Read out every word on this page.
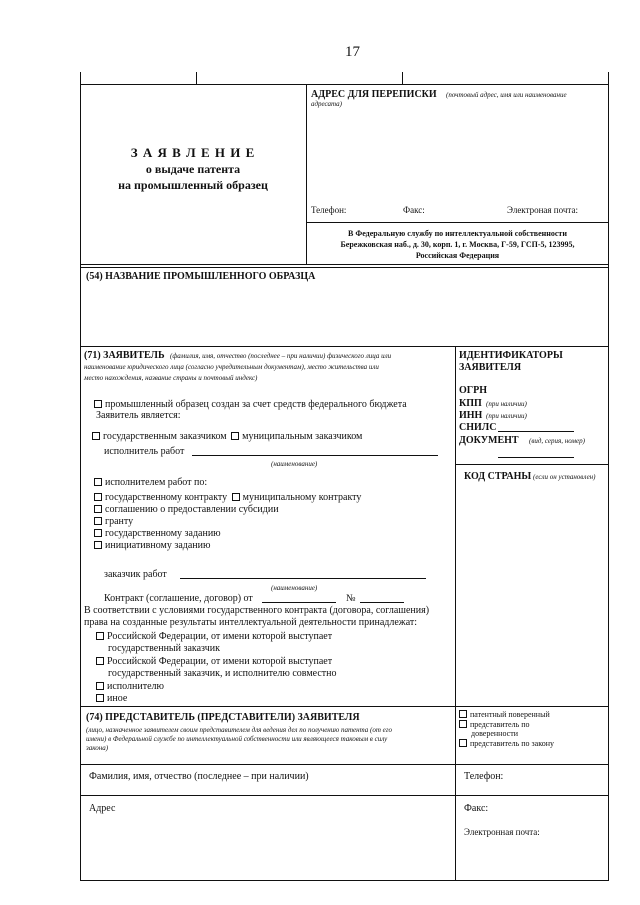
17
З А Я В Л Е Н И Е
о выдаче патента
на промышленный образец
АДРЕС ДЛЯ ПЕРЕПИСКИ (почтовый адрес, имя или наименование
адресата)
Телефон:	Факс:	Электроная почта:
В Федеральную службу по интеллектуальной собственности
Бережковская наб., д. 30, корп. 1, г. Москва, Г-59, ГСП-5, 123995,
Российская Федерация
(54) НАЗВАНИЕ ПРОМЫШЛЕННОГО ОБРАЗЦА
(71) ЗАЯВИТЕЛЬ (фамилия, имя, отчество (последнее – при наличии) физического лица или
наименование юридического лица (согласно учредительным документам), место жительства или
место нахождения, название страны и почтовый индекс)
промышленный образец создан за счет средств федерального бюджета
Заявитель является:
государственным заказчиком муниципальным заказчиком
исполнитель работ
(наименование)
исполнителем работ по:
государственному контракту муниципальному контракту
соглашению о предоставлении субсидии
гранту
государственному заданию
инициативному заданию
заказчик работ
(наименование)
Контракт (соглашение, договор) от	№
В соответствии с условиями государственного контракта (договора, соглашения)
права на созданные результаты интеллектуальной деятельности принадлежат:
Российской Федерации, от имени которой выступает
государственный заказчик
Российской Федерации, от имени которой выступает
государственный заказчик, и исполнителю совместно
исполнителю
иное
ИДЕНТИФИКАТОРЫ
ЗАЯВИТЕЛЯ
ОГРН
КПП (при наличии)
ИНН (при наличии)
СНИЛС
ДОКУМЕНТ (вид, серия, номер)
КОД СТРАНЫ (если он установлен)
(74) ПРЕДСТАВИТЕЛЬ (ПРЕДСТАВИТЕЛИ) ЗАЯВИТЕЛЯ
(лицо, назначенное заявителем своим представителем для ведения дел по получению патента (от его
имени) в Федеральной службе по интеллектуальной собственности или являющееся таковым в силу
закона)
патентный поверенный
представитель по
доверенности
представитель по закону
Фамилия, имя, отчество (последнее – при наличии)	Телефон:
Адрес	Факс:
Электронная почта:
